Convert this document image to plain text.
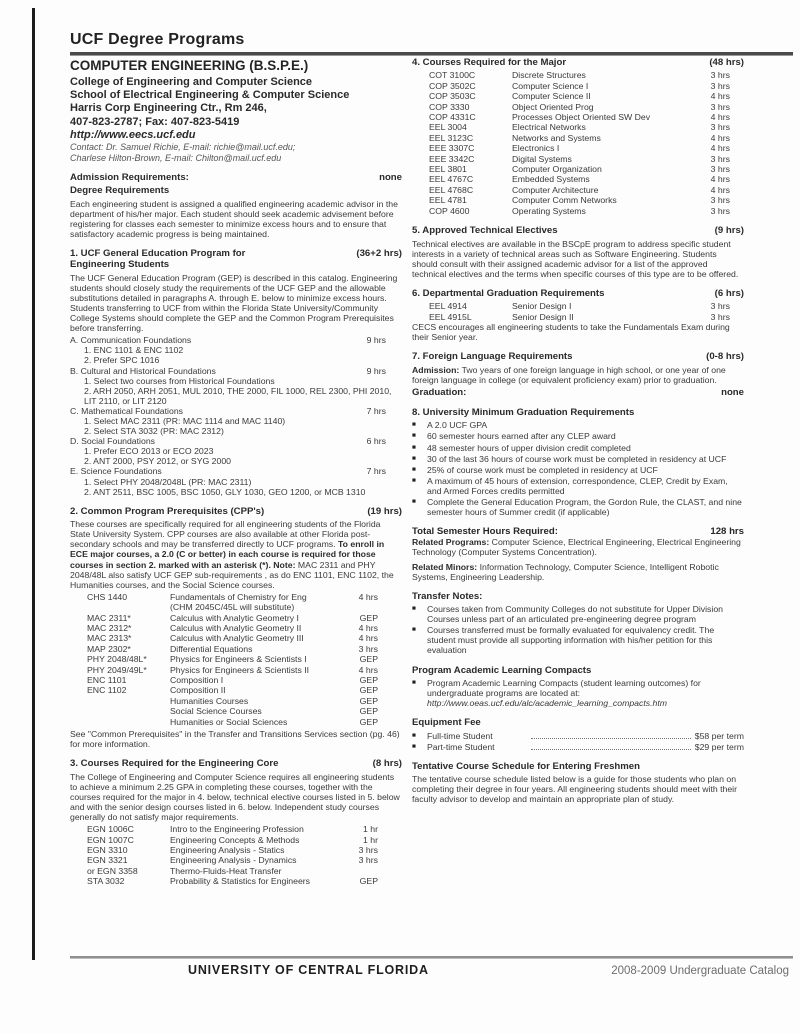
UCF Degree Programs
COMPUTER ENGINEERING (B.S.P.E.)
College of Engineering and Computer Science
School of Electrical Engineering & Computer Science
Harris Corp Engineering Ctr., Rm 246,
407-823-2787; Fax: 407-823-5419
http://www.eecs.ucf.edu
Contact: Dr. Samuel Richie, E-mail: richie@mail.ucf.edu;
Charlese Hilton-Brown, E-mail: Chilton@mail.ucf.edu
Admission Requirements:	none
Degree Requirements

Each engineering student is assigned a qualified engineering academic advisor in the department of his/her major. Each student should seek academic advisement before registering for classes each semester to minimize excess hours and to ensure that satisfactory academic progress is being maintained.

1. UCF General Education Program for
Engineering Students
(36+2 hrs)

The UCF General Education Program (GEP) is described in this catalog. Engineering students should closely study the requirements of the UCF GEP and the allowable substitutions detailed in paragraphs A. through E. below to minimize excess hours. Students transferring to UCF from within the Florida State University/Community College Systems should complete the GEP and the Common Program Prerequisites before transferring.

A. Communication Foundations	9 hrs
1. ENC 1101 & ENC 1102
2. Prefer SPC 1016
B. Cultural and Historical Foundations	9 hrs
1. Select two courses from Historical Foundations
2. ARH 2050, ARH 2051, MUL 2010, THE 2000, FIL 1000, REL 2300, PHI 2010, LIT 2110, or LIT 2120
C. Mathematical Foundations	7 hrs
1. Select MAC 2311 (PR: MAC 1114 and MAC 1140)
2. Select STA 3032 (PR: MAC 2312)
D. Social Foundations	6 hrs
1. Prefer ECO 2013 or ECO 2023
2. ANT 2000, PSY 2012, or SYG 2000
E. Science Foundations	7 hrs
1. Select PHY 2048/2048L (PR: MAC 2311)
2. ANT 2511, BSC 1005, BSC 1050, GLY 1030, GEO 1200, or MCB 1310
2. Common Program Prerequisites (CPP's)	(19 hrs)

These courses are specifically required for all engineering students of the Florida State University System. CPP courses are also available at other Florida post-secondary schools and may be transferred directly to UCF programs. To enroll in ECE major courses, a 2.0 (C or better) in each course is required for those courses in section 2. marked with an asterisk (*). Note: MAC 2311 and PHY 2048/48L also satisfy UCF GEP sub-requirements , as do ENC 1101, ENC 1102, the Humanities courses, and the Social Science courses.

CHS 1440	Fundamentals of Chemistry for Eng	4 hrs
(CHM 2045C/45L will substitute)
MAC 2311*	Calculus with Analytic Geometry I	GEP
MAC 2312*	Calculus with Analytic Geometry II	4 hrs
MAC 2313*	Calculus with Analytic Geometry III	4 hrs
MAP 2302*	Differential Equations	3 hrs
PHY 2048/48L*	Physics for Engineers & Scientists I	GEP
PHY 2049/49L*	Physics for Engineers & Scientists II	4 hrs
ENC 1101	Composition I	GEP
ENC 1102	Composition II	GEP
Humanities Courses	GEP
Social Science Courses	GEP
Humanities or Social Sciences	GEP
See "Common Prerequisites" in the Transfer and Transitions Services section (pg. 46) for more information.
3. Courses Required for the Engineering Core	(8 hrs)

The College of Engineering and Computer Science requires all engineering students to achieve a minimum 2.25 GPA in completing these courses, together with the courses required for the major in 4. below, technical elective courses listed in 5. below and with the senior design courses listed in 6. below. Independent study courses generally do not satisfy major requirements.

EGN 1006C	Intro to the Engineering Profession	1 hr
EGN 1007C	Engineering Concepts & Methods	1 hr
EGN 3310	Engineering Analysis - Statics	3 hrs
EGN 3321	Engineering Analysis - Dynamics	3 hrs
or EGN 3358	Thermo-Fluids-Heat Transfer
STA 3032	Probability & Statistics for Engineers	GEP
4. Courses Required for the Major	(48 hrs)
COT 3100C	Discrete Structures	3 hrs
COP 3502C	Computer Science I	3 hrs
COP 3503C	Computer Science II	4 hrs
COP 3330	Object Oriented Prog	3 hrs
COP 4331C	Processes Object Oriented SW Dev	4 hrs
EEL 3004	Electrical Networks	3 hrs
EEL 3123C	Networks and Systems	4 hrs
EEE 3307C	Electronics I	4 hrs
EEE 3342C	Digital Systems	3 hrs
EEL 3801	Computer Organization	3 hrs
EEL 4767C	Embedded Systems	4 hrs
EEL 4768C	Computer Architecture	4 hrs
EEL 4781	Computer Comm Networks	3 hrs
COP 4600	Operating Systems	3 hrs
5. Approved Technical Electives	(9 hrs)

Technical electives are available in the BSCpE program to address specific student interests in a variety of technical areas such as Software Engineering. Students should consult with their assigned academic advisor for a list of the approved technical electives and the terms when specific courses of this type are to be offered.

6. Departmental Graduation Requirements	(6 hrs)
EEL 4914	Senior Design I	3 hrs
EEL 4915L	Senior Design II	3 hrs
CECS encourages all engineering students to take the Fundamentals Exam during their Senior year.
7. Foreign Language Requirements	(0-8 hrs)

Admission: Two years of one foreign language in high school, or one year of one foreign language in college (or equivalent proficiency exam) prior to graduation.

Graduation:	none
8. University Minimum Graduation Requirements
■	A 2.0 UCF GPA
■	60 semester hours earned after any CLEP award
■	48 semester hours of upper division credit completed
■	30 of the last 36 hours of course work must be completed in residency at UCF
■	25% of course work must be completed in residency at UCF
■	A maximum of 45 hours of extension, correspondence, CLEP, Credit by Exam, and Armed Forces credits permitted
■	Complete the General Education Program, the Gordon Rule, the CLAST, and nine semester hours of Summer credit (if applicable)
Total Semester Hours Required:	128 hrs

Related Programs: Computer Science, Electrical Engineering, Electrical Engineering Technology (Computer Systems Concentration).

Related Minors: Information Technology, Computer Science, Intelligent Robotic Systems, Engineering Leadership.

Transfer Notes:
■	Courses taken from Community Colleges do not substitute for Upper Division Courses unless part of an articulated pre-engineering degree program
■	Courses transferred must be formally evaluated for equivalency credit. The student must provide all supporting information with his/her petition for this evaluation
Program Academic Learning Compacts
■	Program Academic Learning Compacts (student learning outcomes) for undergraduate programs are located at:
http://www.oeas.ucf.edu/alc/academic_learning_compacts.htm
Equipment Fee
■	Full-time Student	$58 per term
■	Part-time Student	$29 per term
Tentative Course Schedule for Entering Freshmen

The tentative course schedule listed below is a guide for those students who plan on completing their degree in four years. All engineering students should meet with their faculty advisor to develop and maintain an appropriate plan of study.

UNIVERSITY OF CENTRAL FLORIDA	2008-2009 Undergraduate Catalog
